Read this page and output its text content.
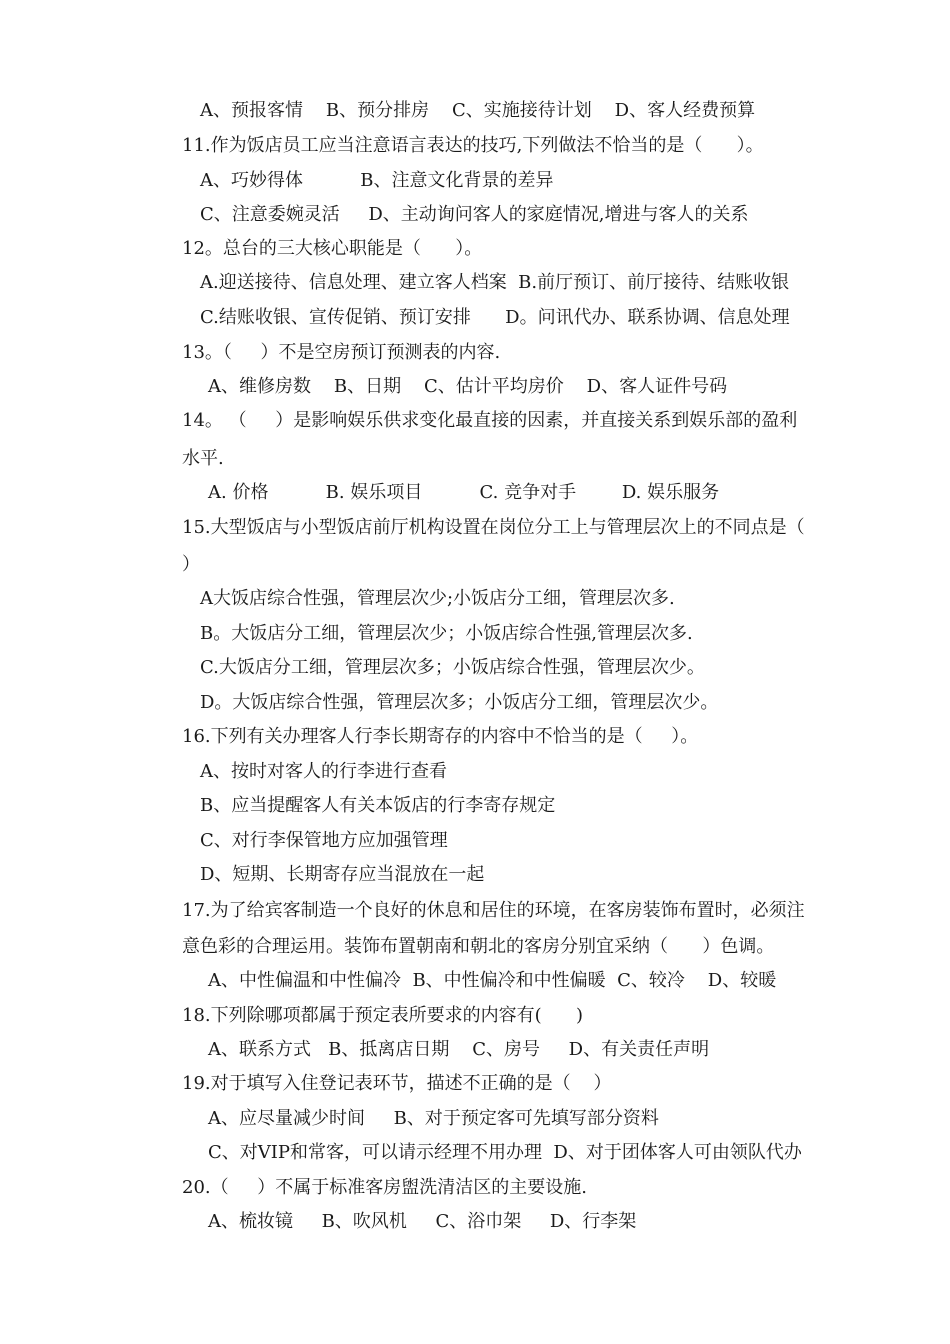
A、预报客情    B、预分排房    C、实施接待计划    D、客人经费预算
11.作为饭店员工应当注意语言表达的技巧,下列做法不恰当的是（      ）。
A、巧妙得体          B、注意文化背景的差异
C、注意委婉灵活     D、主动询问客人的家庭情况,增进与客人的关系
12。总台的三大核心职能是（      ）。
A.迎送接待、信息处理、建立客人档案  B.前厅预订、前厅接待、结账收银
C.结账收银、宣传促销、预订安排      D。问讯代办、联系协调、信息处理
13。（     ）不是空房预订预测表的内容.
A、维修房数    B、日期    C、估计平均房价    D、客人证件号码
14。 （     ）是影响娱乐供求变化最直接的因素，并直接关系到娱乐部的盈利
水平.
A. 价格          B. 娱乐项目          C. 竞争对手        D. 娱乐服务
15.大型饭店与小型饭店前厅机构设置在岗位分工上与管理层次上的不同点是（
）
A大饭店综合性强，管理层次少;小饭店分工细，管理层次多.
B。大饭店分工细，管理层次少；小饭店综合性强,管理层次多.
C.大饭店分工细，管理层次多；小饭店综合性强，管理层次少。
D。大饭店综合性强，管理层次多；小饭店分工细，管理层次少。
16.下列有关办理客人行李长期寄存的内容中不恰当的是（     ）。
A、按时对客人的行李进行查看
B、应当提醒客人有关本饭店的行李寄存规定
C、对行李保管地方应加强管理
D、短期、长期寄存应当混放在一起
17.为了给宾客制造一个良好的休息和居住的环境，在客房装饰布置时，必须注
意色彩的合理运用。装饰布置朝南和朝北的客房分别宜采纳（      ）色调。
A、中性偏温和中性偏冷  B、中性偏冷和中性偏暖  C、较冷    D、较暖
18.下列除哪项都属于预定表所要求的内容有(      )
A、联系方式   B、抵离店日期    C、房号     D、有关责任声明
19.对于填写入住登记表环节，描述不正确的是（    ）
A、应尽量减少时间     B、对于预定客可先填写部分资料
C、对VIP和常客，可以请示经理不用办理  D、对于团体客人可由领队代办
20.（     ）不属于标准客房盥洗清洁区的主要设施.
A、梳妆镜     B、吹风机     C、浴巾架     D、行李架
